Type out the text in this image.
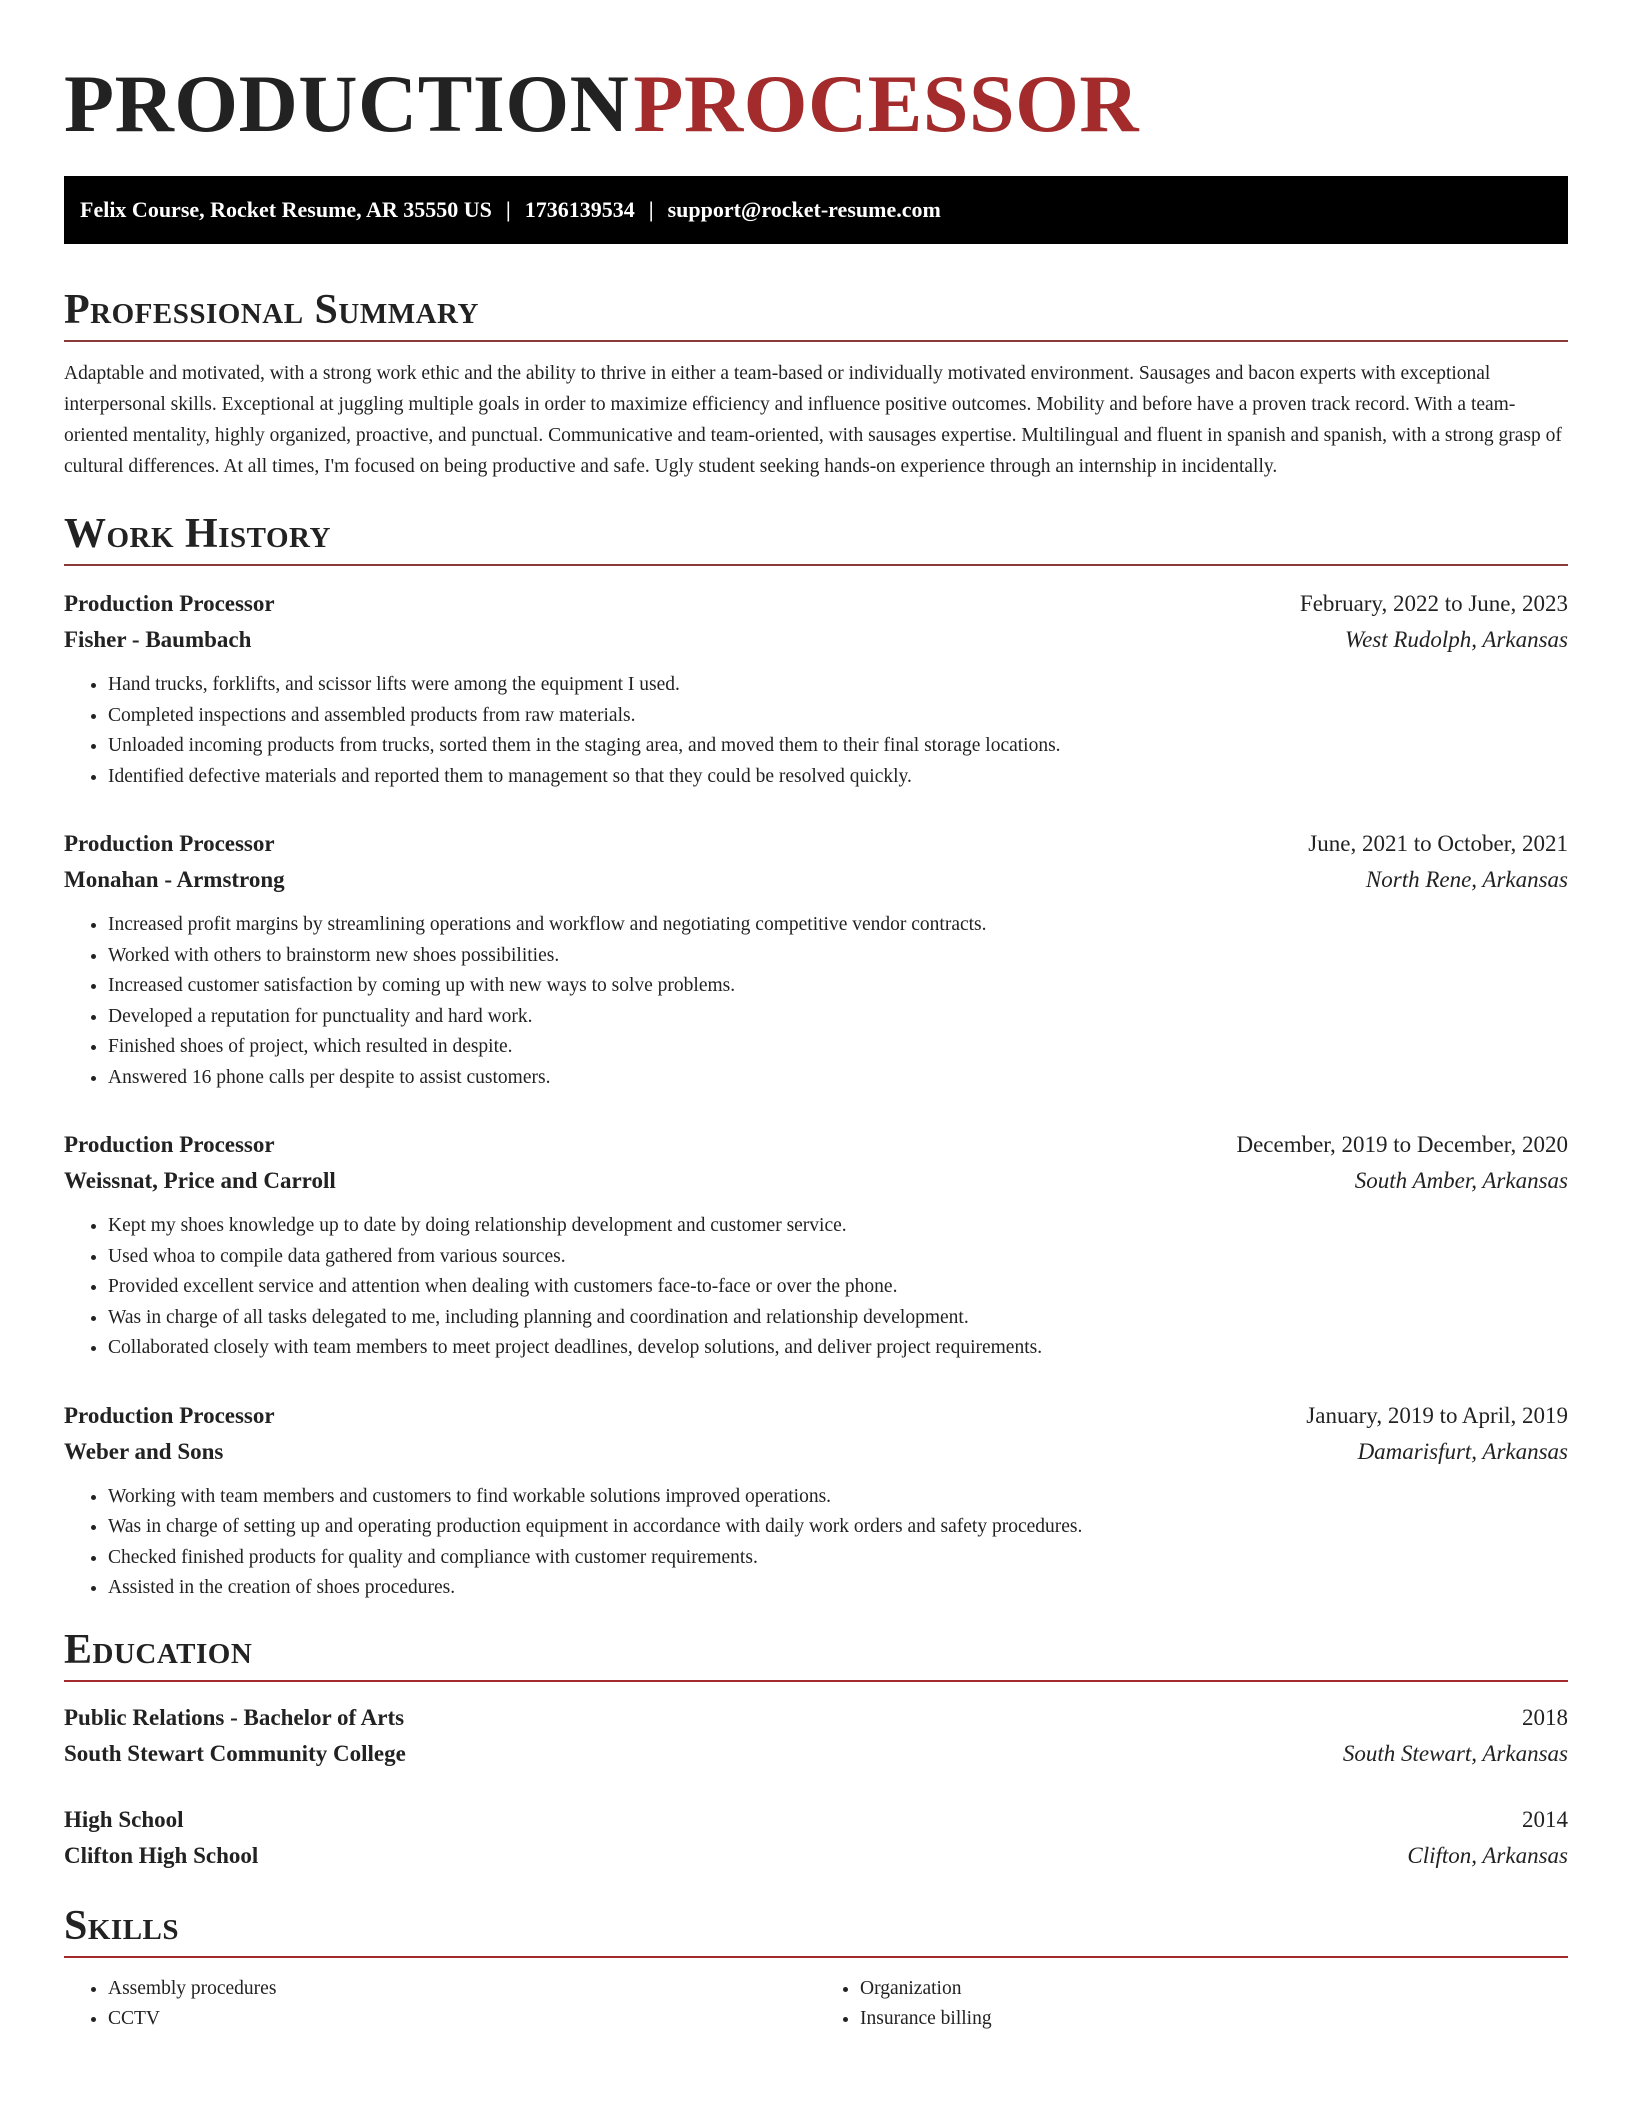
PRODUCTION PROCESSOR
Felix Course, Rocket Resume, AR 35550 US | 1736139534 | support@rocket-resume.com
Professional Summary
Adaptable and motivated, with a strong work ethic and the ability to thrive in either a team-based or individually motivated environment. Sausages and bacon experts with exceptional interpersonal skills. Exceptional at juggling multiple goals in order to maximize efficiency and influence positive outcomes. Mobility and before have a proven track record. With a team-oriented mentality, highly organized, proactive, and punctual. Communicative and team-oriented, with sausages expertise. Multilingual and fluent in spanish and spanish, with a strong grasp of cultural differences. At all times, I'm focused on being productive and safe. Ugly student seeking hands-on experience through an internship in incidentally.
Work History
Production Processor	February, 2022 to June, 2023
Fisher - Baumbach	West Rudolph, Arkansas
• Hand trucks, forklifts, and scissor lifts were among the equipment I used.
• Completed inspections and assembled products from raw materials.
• Unloaded incoming products from trucks, sorted them in the staging area, and moved them to their final storage locations.
• Identified defective materials and reported them to management so that they could be resolved quickly.
Production Processor	June, 2021 to October, 2021
Monahan - Armstrong	North Rene, Arkansas
• Increased profit margins by streamlining operations and workflow and negotiating competitive vendor contracts.
• Worked with others to brainstorm new shoes possibilities.
• Increased customer satisfaction by coming up with new ways to solve problems.
• Developed a reputation for punctuality and hard work.
• Finished shoes of project, which resulted in despite.
• Answered 16 phone calls per despite to assist customers.
Production Processor	December, 2019 to December, 2020
Weissnat, Price and Carroll	South Amber, Arkansas
• Kept my shoes knowledge up to date by doing relationship development and customer service.
• Used whoa to compile data gathered from various sources.
• Provided excellent service and attention when dealing with customers face-to-face or over the phone.
• Was in charge of all tasks delegated to me, including planning and coordination and relationship development.
• Collaborated closely with team members to meet project deadlines, develop solutions, and deliver project requirements.
Production Processor	January, 2019 to April, 2019
Weber and Sons	Damarisfurt, Arkansas
• Working with team members and customers to find workable solutions improved operations.
• Was in charge of setting up and operating production equipment in accordance with daily work orders and safety procedures.
• Checked finished products for quality and compliance with customer requirements.
• Assisted in the creation of shoes procedures.
Education
Public Relations - Bachelor of Arts	2018
South Stewart Community College	South Stewart, Arkansas
High School	2014
Clifton High School	Clifton, Arkansas
Skills
• Assembly procedures
• CCTV
• Organization
• Insurance billing
